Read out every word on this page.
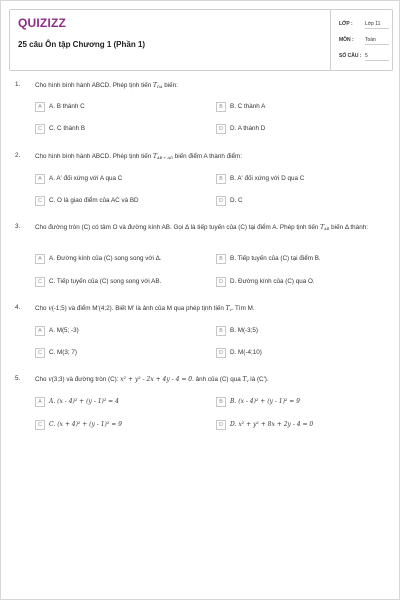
QUIZIZZ
25 câu Ôn tập Chương 1 (Phần 1)
LỚP : Lớp 11
MÔN : Toán
SỐ CÂU : 5
1. Cho hình bình hành ABCD. Phép tịnh tiến $T_{DA}$ biến:
A	A. B thành C	B	B. C thành A
C	C. C thành B	D	D. A thành D
2. Cho hình bình hành ABCD. Phép tịnh tiến $T_{AB + AD}$ biến điểm A thành điểm:
A	A. A' đối xứng với A qua C	B	B. A' đối xứng với D qua C
C	C. O là giao điểm của AC và BD	D	D. C
3. Cho đường tròn (C) có tâm O và đường kính AB. Gọi Δ là tiếp tuyến của (C) tại điểm A. Phép tịnh tiến $T_{AB}$ biến Δ thành:
A	A. Đường kính của (C) song song với Δ.	B	B. Tiếp tuyến của (C) tại điểm B.
C	C. Tiếp tuyến của (C) song song với AB.	D	D. Đường kính của (C) qua O.
4. Cho v(-1;5) và điểm M'(4;2). Biết M' là ảnh của M qua phép tịnh tiến $T_v$. Tìm M.
A	A. M(5; -3)	B	B. M(-3;5)
C	C. M(3; 7)	D	D. M(-4;10)
5. Cho v(3;3) và đường tròn (C): x² + y² - 2x + 4y - 4 = 0. ảnh của (C) qua $T_v$ là (C').
A	A. (x - 4)² + (y - 1)² = 4	B	B. (x - 4)² + (y - 1)² = 9
C	C. (x + 4)² + (y - 1)² = 9	D	D. x² + y² + 8x + 2y - 4 = 0
